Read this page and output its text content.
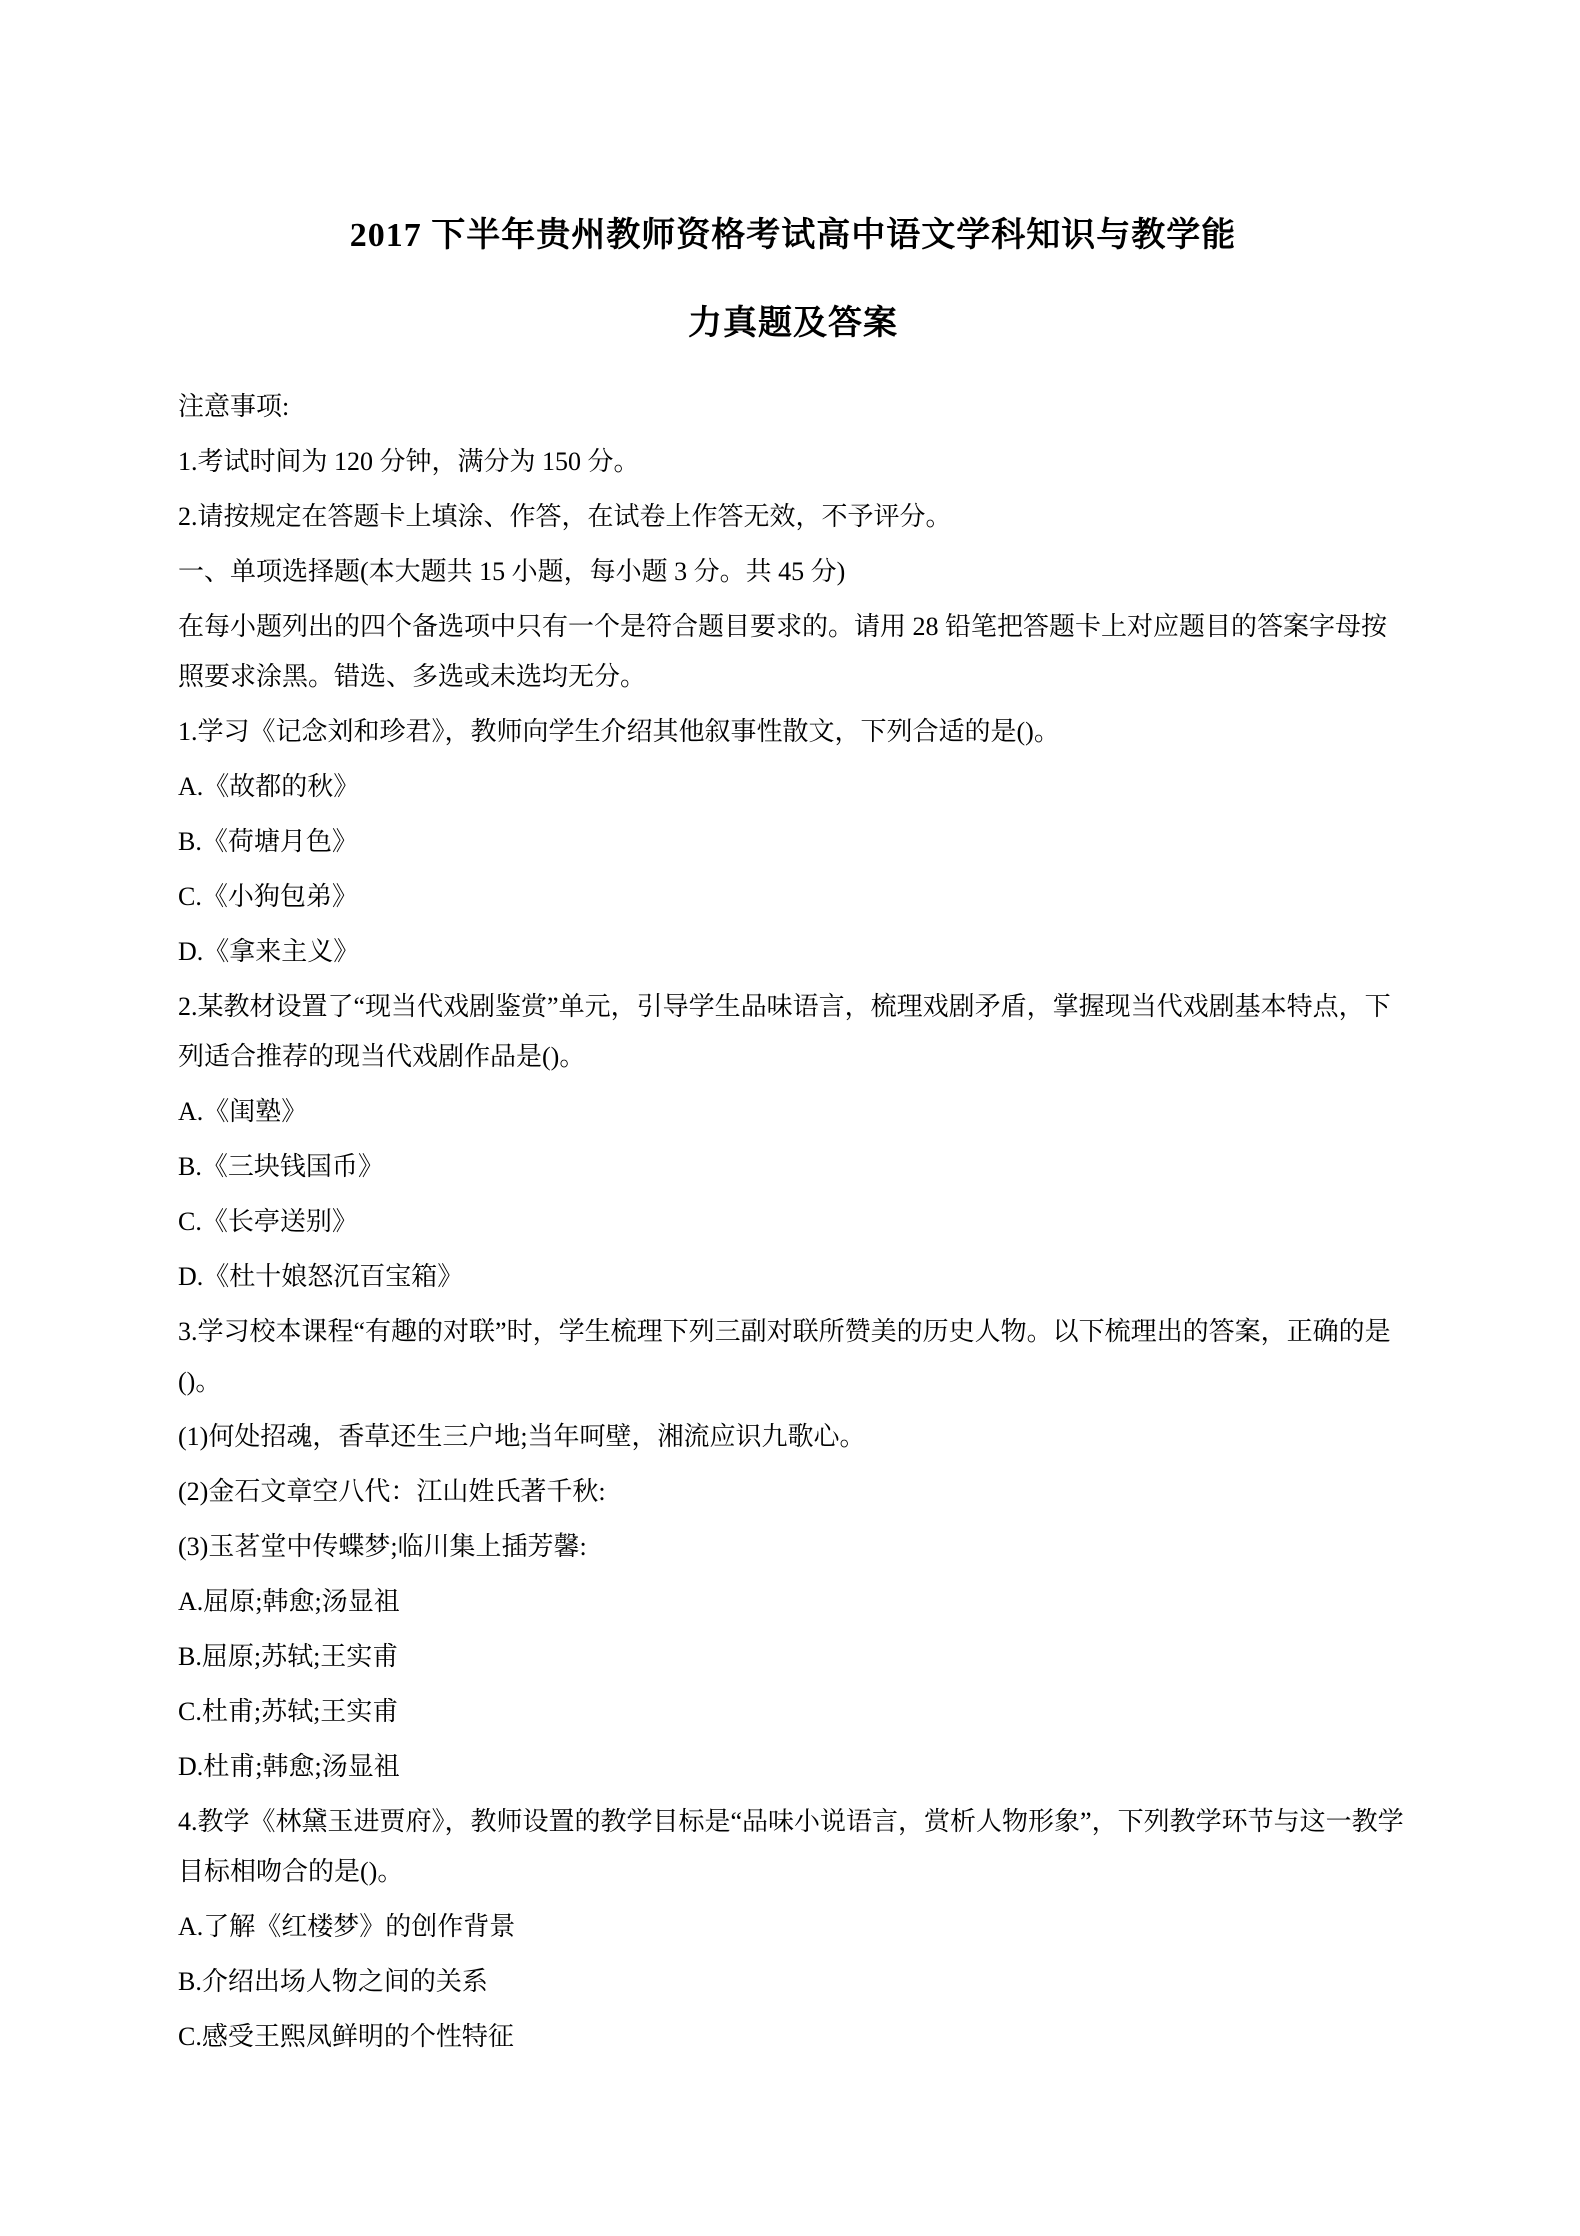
2017 下半年贵州教师资格考试高中语文学科知识与教学能
力真题及答案

注意事项:

1.考试时间为 120 分钟，满分为 150 分。

2.请按规定在答题卡上填涂、作答，在试卷上作答无效，不予评分。

一、单项选择题(本大题共 15 小题，每小题 3 分。共 45 分)

在每小题列出的四个备选项中只有一个是符合题目要求的。请用 28 铅笔把答题卡上对应题目的答案字母按照要求涂黑。错选、多选或未选均无分。

1.学习《记念刘和珍君》，教师向学生介绍其他叙事性散文，下列合适的是()。

A.《故都的秋》

B.《荷塘月色》

C.《小狗包弟》

D.《拿来主义》

2.某教材设置了“现当代戏剧鉴赏”单元，引导学生品味语言，梳理戏剧矛盾，掌握现当代戏剧基本特点，下列适合推荐的现当代戏剧作品是()。

A.《闺塾》

B.《三块钱国币》

C.《长亭送别》

D.《杜十娘怒沉百宝箱》

3.学习校本课程“有趣的对联”时，学生梳理下列三副对联所赞美的历史人物。以下梳理出的答案，正确的是()。

(1)何处招魂，香草还生三户地;当年呵壁，湘流应识九歌心。

(2)金石文章空八代：江山姓氏著千秋:

(3)玉茗堂中传蝶梦;临川集上插芳馨:

A.屈原;韩愈;汤显祖

B.屈原;苏轼;王实甫

C.杜甫;苏轼;王实甫

D.杜甫;韩愈;汤显祖

4.教学《林黛玉进贾府》，教师设置的教学目标是“品味小说语言，赏析人物形象”，下列教学环节与这一教学目标相吻合的是()。

A.了解《红楼梦》的创作背景

B.介绍出场人物之间的关系

C.感受王熙凤鲜明的个性特征
